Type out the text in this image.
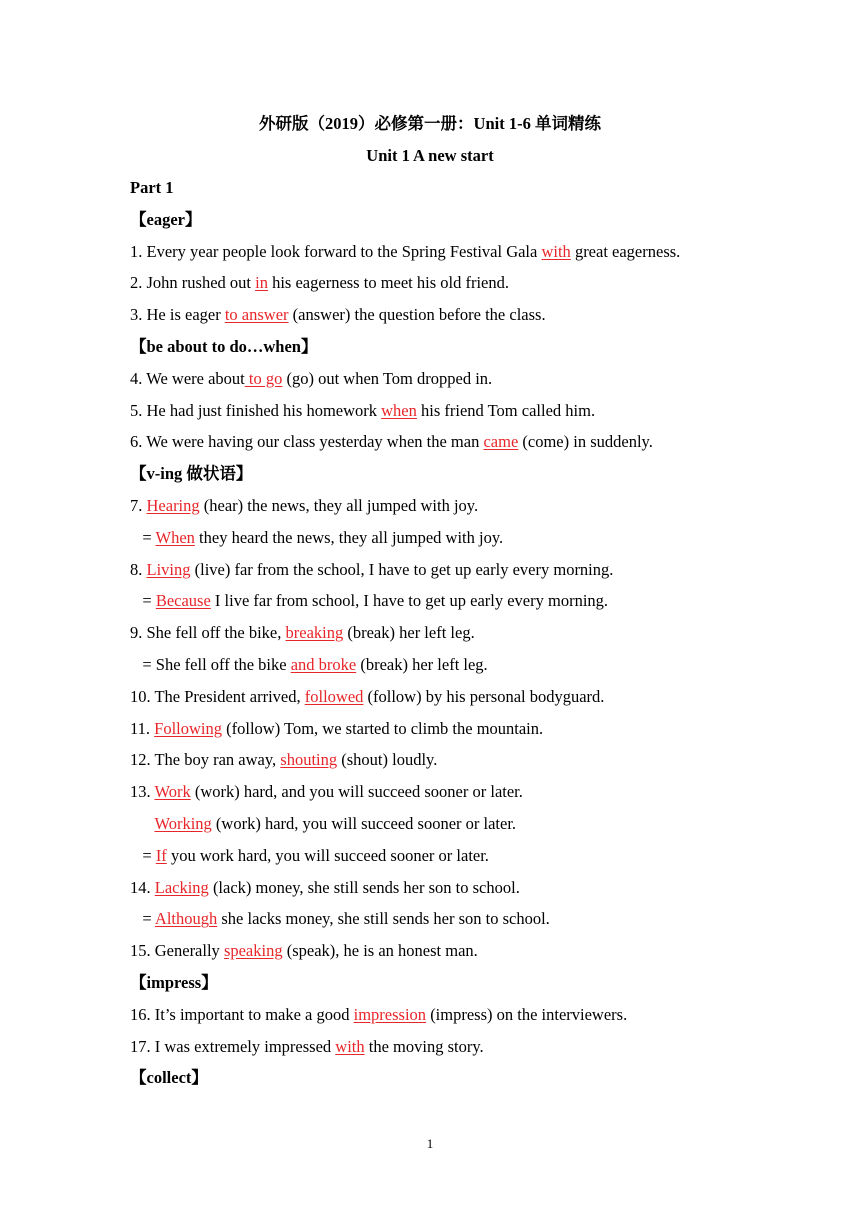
外研版（2019）必修第一册：Unit 1-6 单词精练
Unit 1 A new start
Part 1
【eager】
1. Every year people look forward to the Spring Festival Gala with great eagerness.
2. John rushed out in his eagerness to meet his old friend.
3. He is eager to answer (answer) the question before the class.
【be about to do…when】
4. We were about to go (go) out when Tom dropped in.
5. He had just finished his homework when his friend Tom called him.
6. We were having our class yesterday when the man came (come) in suddenly.
【v-ing 做状语】
7. Hearing (hear) the news, they all jumped with joy.
= When they heard the news, they all jumped with joy.
8. Living (live) far from the school, I have to get up early every morning.
= Because I live far from school, I have to get up early every morning.
9. She fell off the bike, breaking (break) her left leg.
= She fell off the bike and broke (break) her left leg.
10. The President arrived, followed (follow) by his personal bodyguard.
11. Following (follow) Tom, we started to climb the mountain.
12. The boy ran away, shouting (shout) loudly.
13. Work (work) hard, and you will succeed sooner or later.
Working (work) hard, you will succeed sooner or later.
= If you work hard, you will succeed sooner or later.
14. Lacking (lack) money, she still sends her son to school.
= Although she lacks money, she still sends her son to school.
15. Generally speaking (speak), he is an honest man.
【impress】
16. It’s important to make a good impression (impress) on the interviewers.
17. I was extremely impressed with the moving story.
【collect】
1
